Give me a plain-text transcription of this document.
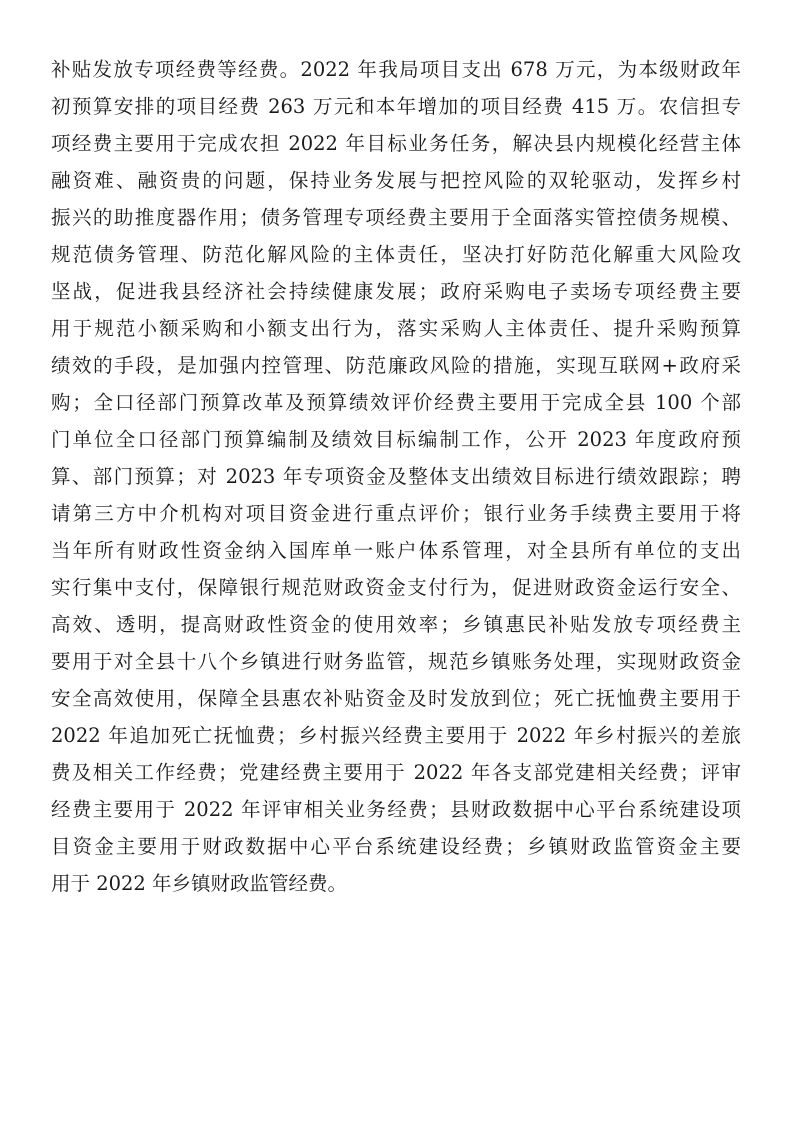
补贴发放专项经费等经费。2022 年我局项目支出 678 万元，为本级财政年
初预算安排的项目经费 263 万元和本年增加的项目经费 415 万。农信担专
项经费主要用于完成农担 2022 年目标业务任务，解决县内规模化经营主体
融资难、融资贵的问题，保持业务发展与把控风险的双轮驱动，发挥乡村
振兴的助推度器作用；债务管理专项经费主要用于全面落实管控债务规模、
规范债务管理、防范化解风险的主体责任，坚决打好防范化解重大风险攻
坚战，促进我县经济社会持续健康发展；政府采购电子卖场专项经费主要
用于规范小额采购和小额支出行为，落实采购人主体责任、提升采购预算
绩效的手段，是加强内控管理、防范廉政风险的措施，实现互联网+政府采
购；全口径部门预算改革及预算绩效评价经费主要用于完成全县 100 个部
门单位全口径部门预算编制及绩效目标编制工作，公开 2023 年度政府预
算、部门预算；对 2023 年专项资金及整体支出绩效目标进行绩效跟踪；聘
请第三方中介机构对项目资金进行重点评价；银行业务手续费主要用于将
当年所有财政性资金纳入国库单一账户体系管理，对全县所有单位的支出
实行集中支付，保障银行规范财政资金支付行为，促进财政资金运行安全、
高效、透明，提高财政性资金的使用效率；乡镇惠民补贴发放专项经费主
要用于对全县十八个乡镇进行财务监管，规范乡镇账务处理，实现财政资金
安全高效使用，保障全县惠农补贴资金及时发放到位；死亡抚恤费主要用于
2022 年追加死亡抚恤费；乡村振兴经费主要用于 2022 年乡村振兴的差旅
费及相关工作经费；党建经费主要用于 2022 年各支部党建相关经费；评审
经费主要用于 2022 年评审相关业务经费；县财政数据中心平台系统建设项
目资金主要用于财政数据中心平台系统建设经费；乡镇财政监管资金主要
用于 2022 年乡镇财政监管经费。
